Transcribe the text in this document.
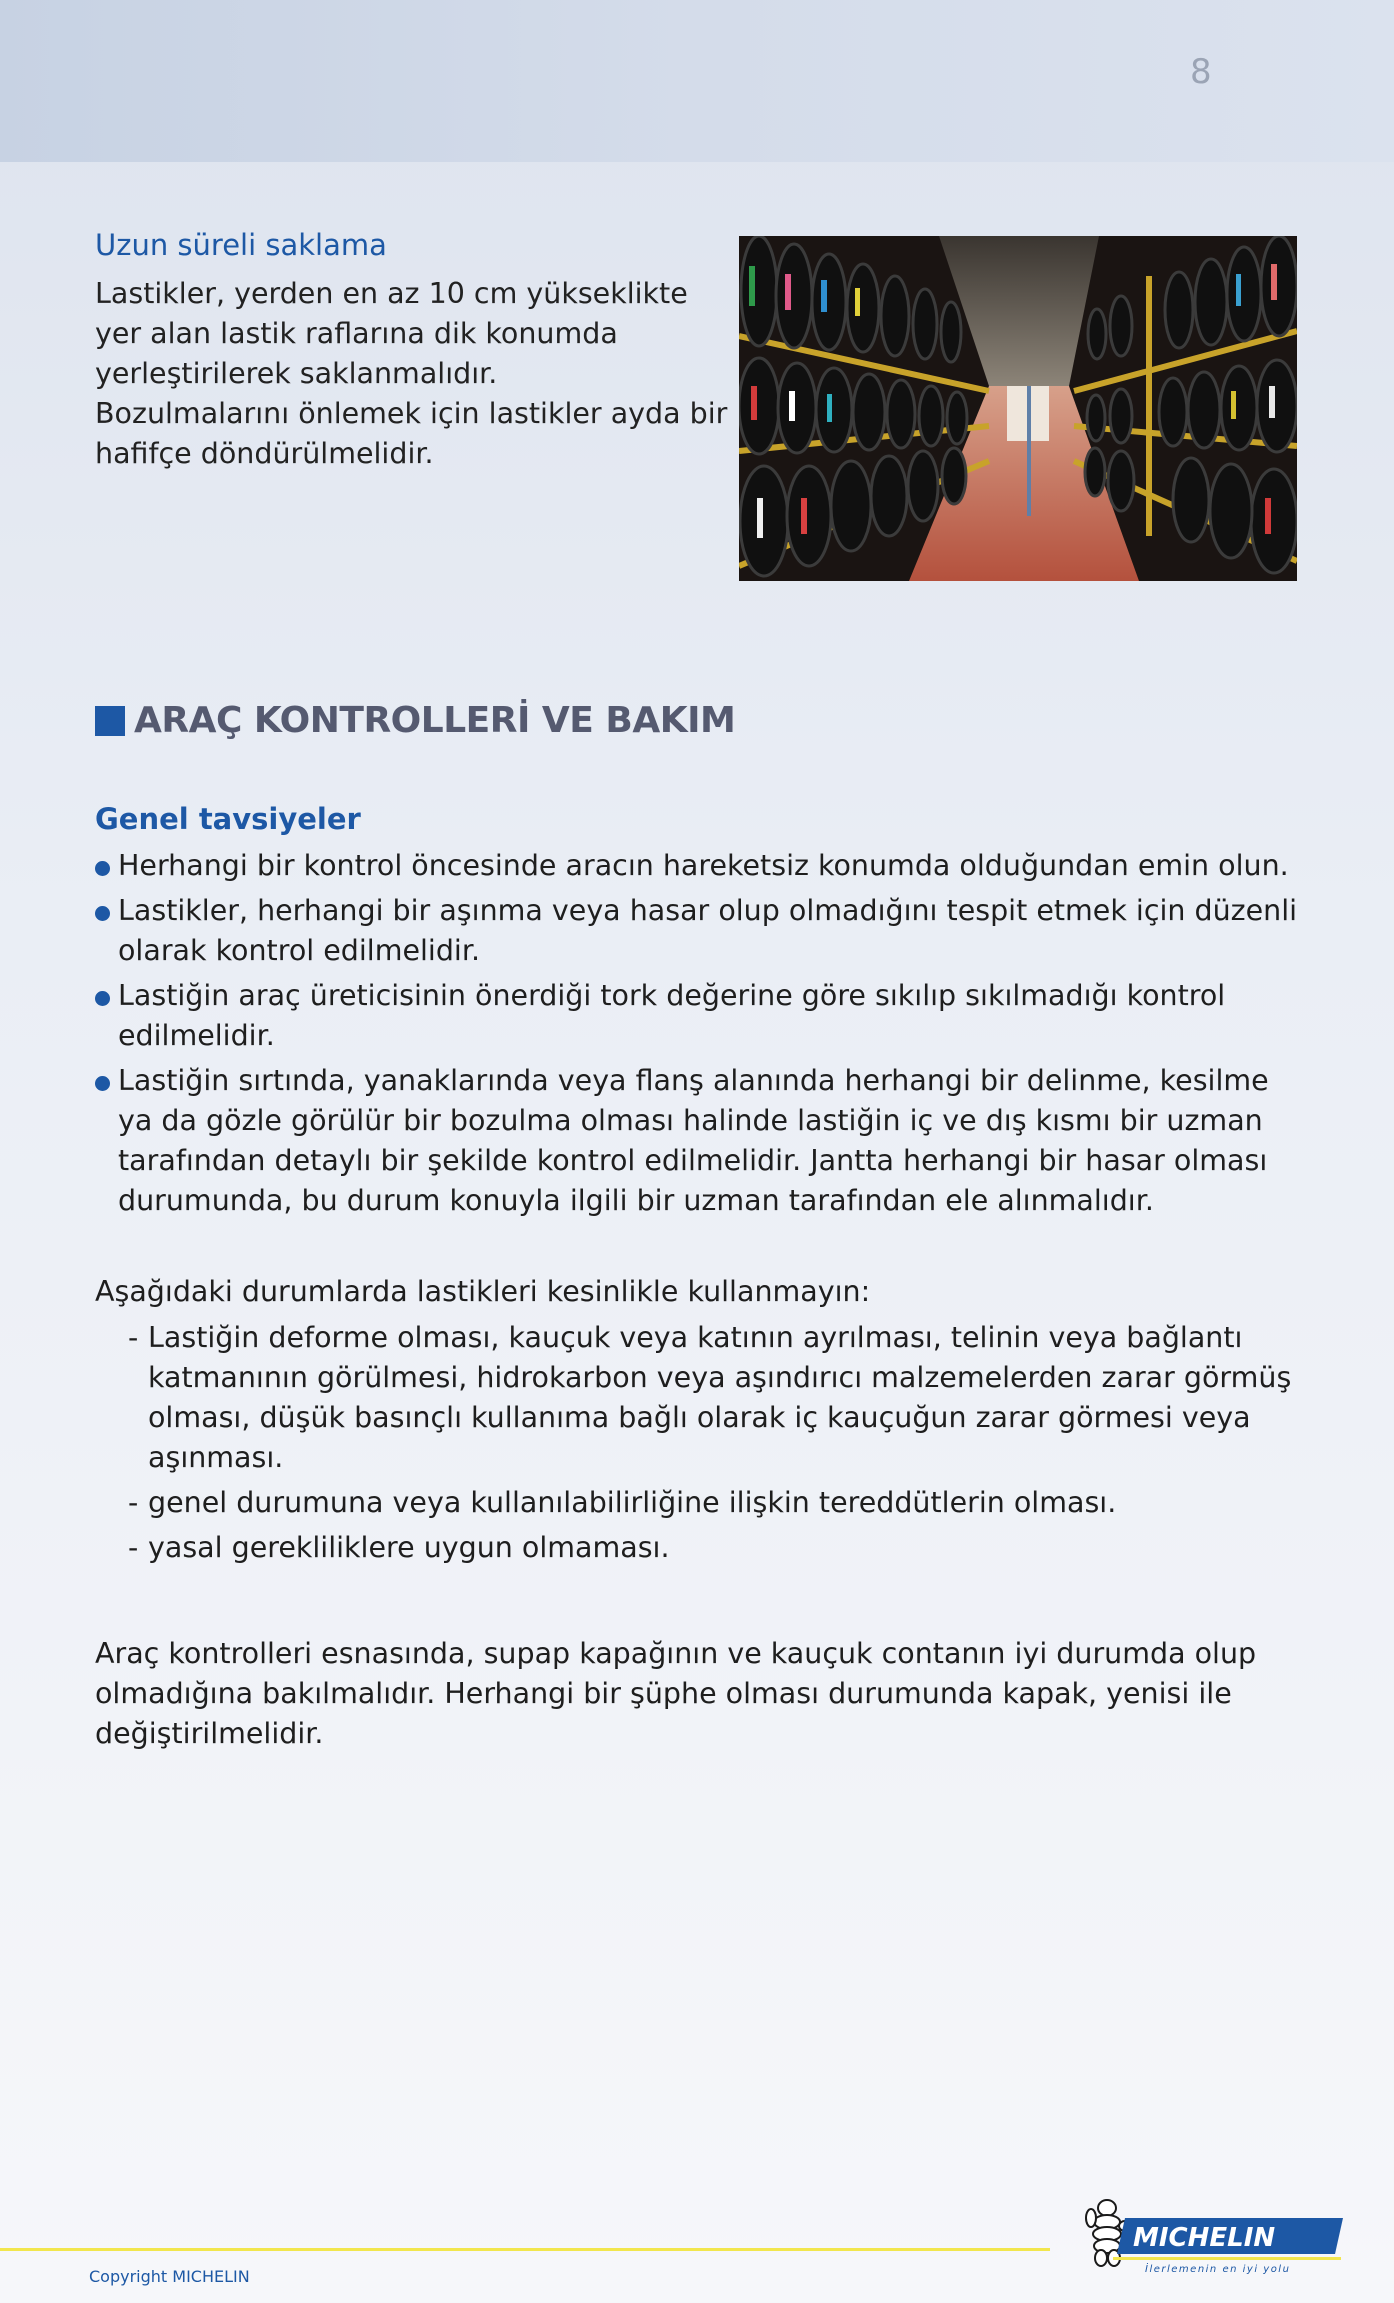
8
Uzun süreli saklama
Lastikler, yerden en az 10 cm yükseklikte
yer alan lastik raflarına dik konumda
yerleştirilerek saklanmalıdır.
Bozulmalarını önlemek için lastikler ayda bir
hafifçe döndürülmelidir.
ARAÇ KONTROLLERİ VE BAKIM
Genel tavsiyeler
Herhangi bir kontrol öncesinde aracın hareketsiz konumda olduğundan emin olun.
Lastikler, herhangi bir aşınma veya hasar olup olmadığını tespit etmek için düzenli
olarak kontrol edilmelidir.
Lastiğin araç üreticisinin önerdiği tork değerine göre sıkılıp sıkılmadığı kontrol
edilmelidir.
Lastiğin sırtında, yanaklarında veya flanş alanında herhangi bir delinme, kesilme
ya da gözle görülür bir bozulma olması halinde lastiğin iç ve dış kısmı bir uzman
tarafından detaylı bir şekilde kontrol edilmelidir. Jantta herhangi bir hasar olması
durumunda, bu durum konuyla ilgili bir uzman tarafından ele alınmalıdır.
Aşağıdaki durumlarda lastikleri kesinlikle kullanmayın:
- Lastiğin deforme olması, kauçuk veya katının ayrılması, telinin veya bağlantı
katmanının görülmesi, hidrokarbon veya aşındırıcı malzemelerden zarar görmüş
olması, düşük basınçlı kullanıma bağlı olarak iç kauçuğun zarar görmesi veya
aşınması.
- genel durumuna veya kullanılabilirliğine ilişkin tereddütlerin olması.
- yasal gerekliliklere uygun olmaması.
Araç kontrolleri esnasında, supap kapağının ve kauçuk contanın iyi durumda olup
olmadığına bakılmalıdır. Herhangi bir şüphe olması durumunda kapak, yenisi ile
değiştirilmelidir.
Copyright MICHELIN
MICHELIN
İlerlemenin en iyi yolu
